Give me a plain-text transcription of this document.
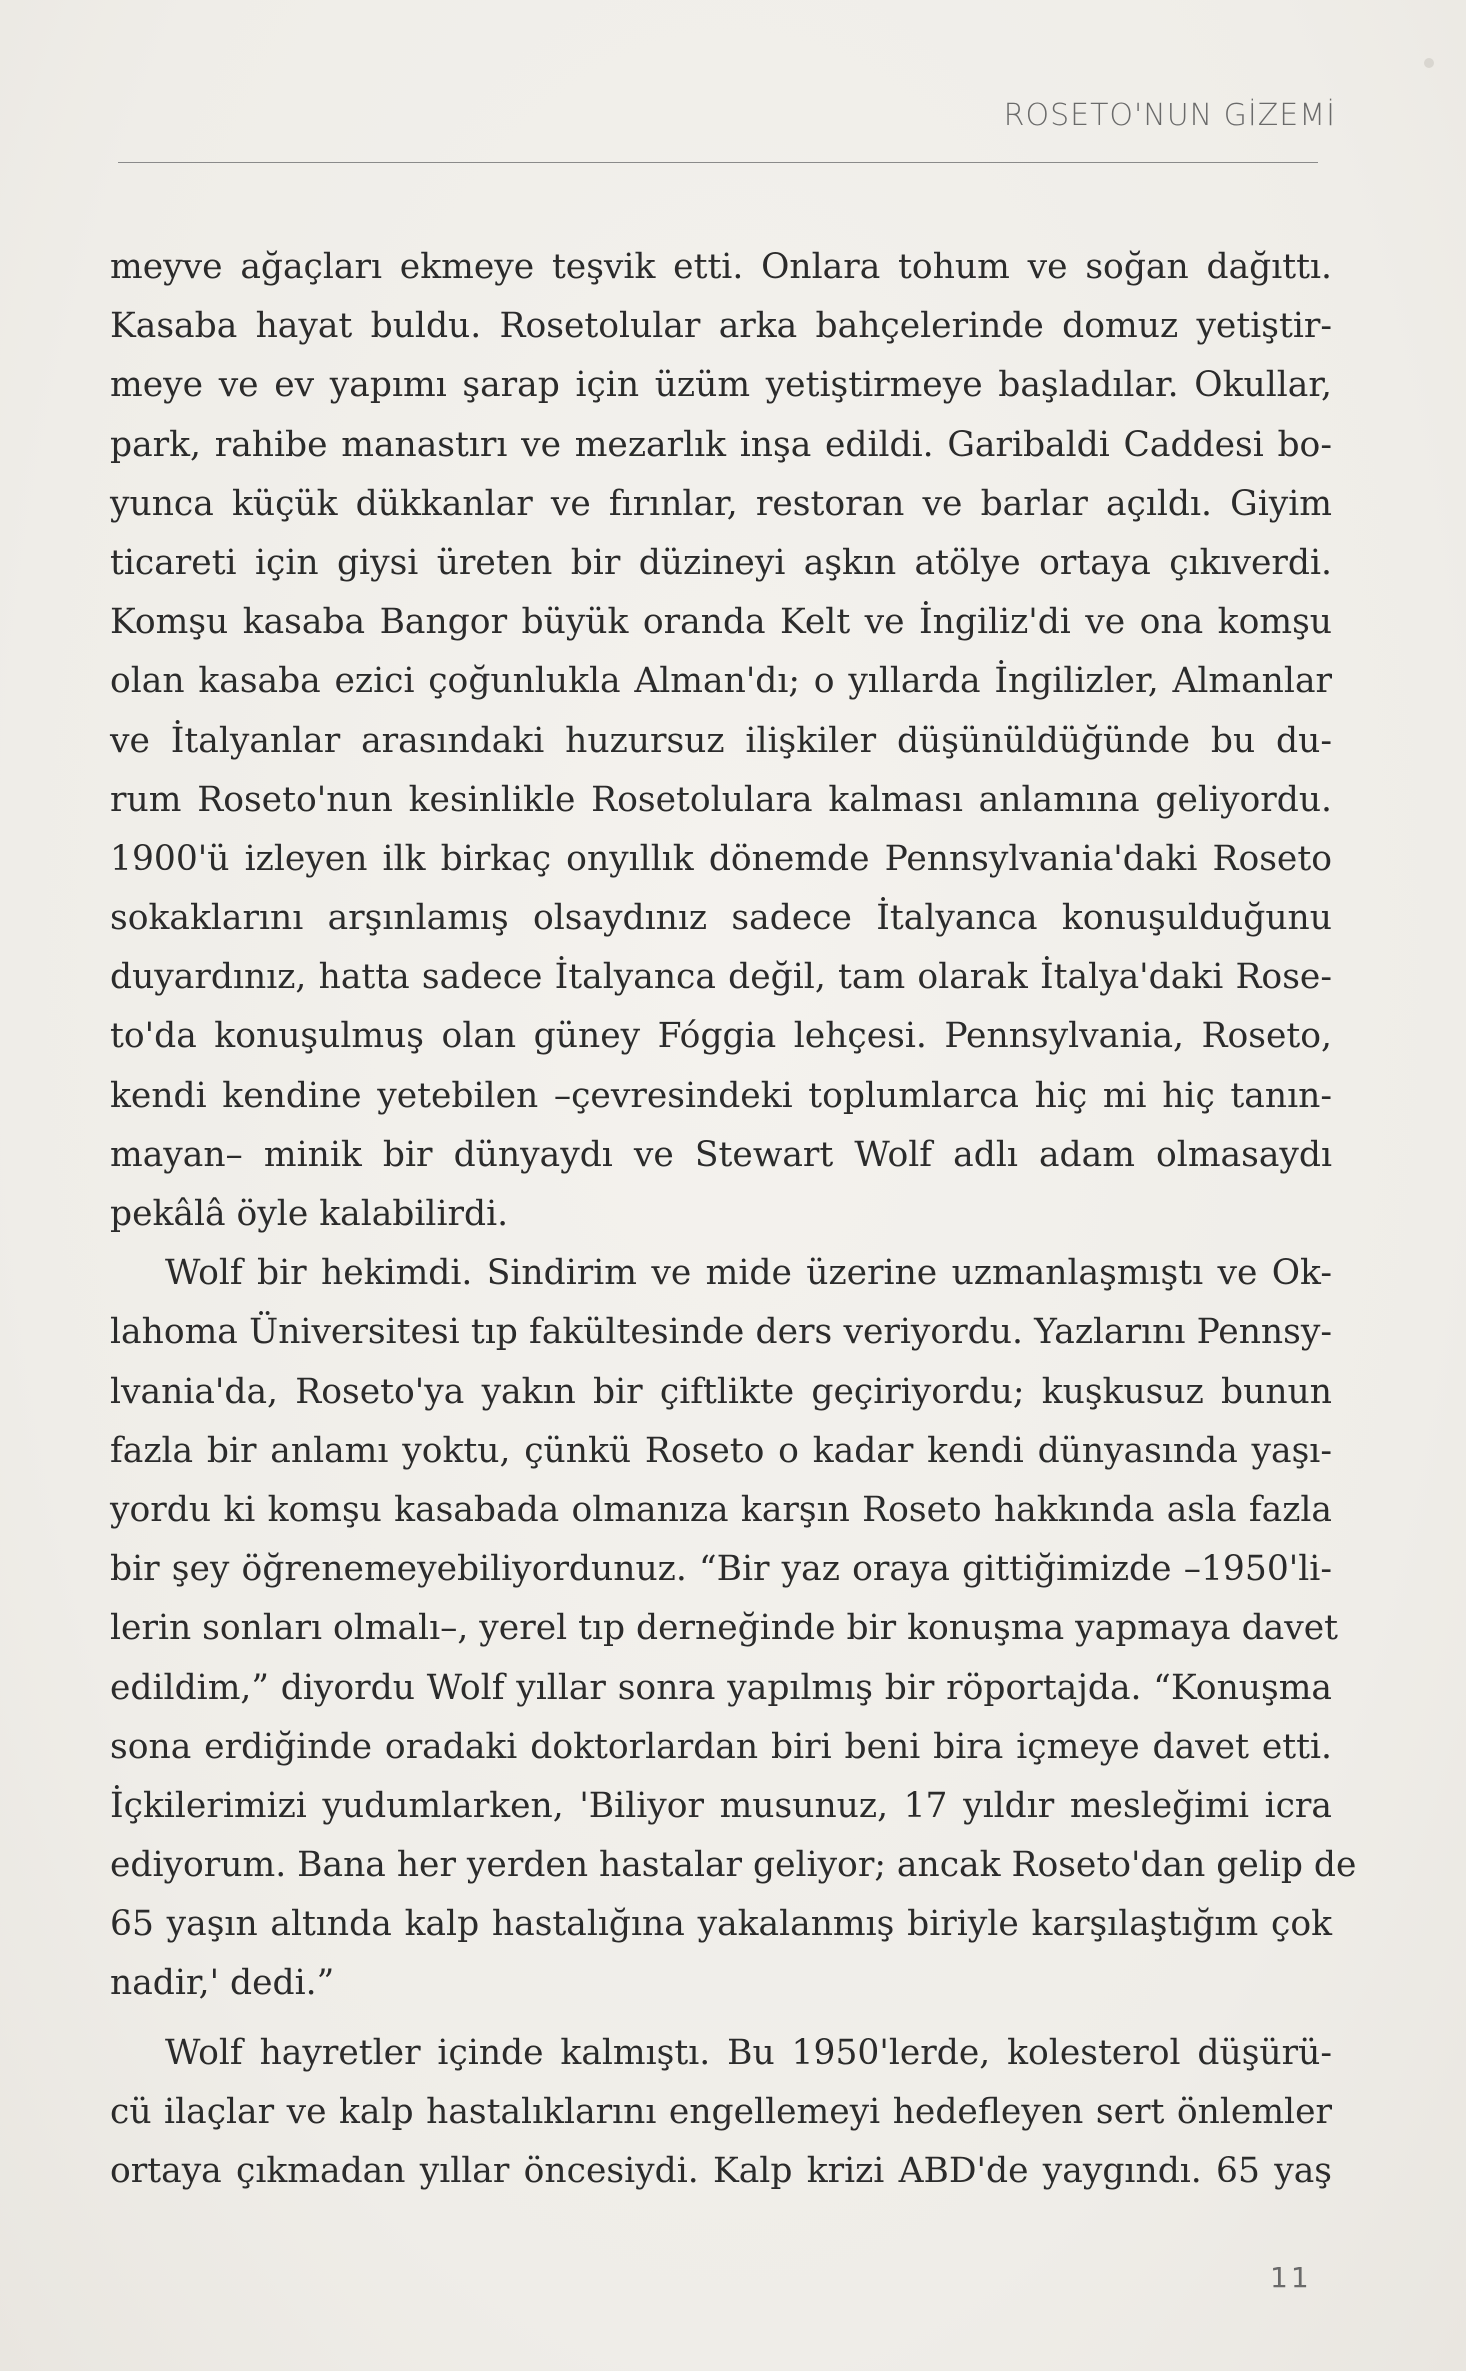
ROSETO'NUN GİZEMİ
meyve ağaçları ekmeye teşvik etti. Onlara tohum ve soğan dağıttı.
Kasaba hayat buldu. Rosetolular arka bahçelerinde domuz yetiştir-
meye ve ev yapımı şarap için üzüm yetiştirmeye başladılar. Okullar,
park, rahibe manastırı ve mezarlık inşa edildi. Garibaldi Caddesi bo-
yunca küçük dükkanlar ve fırınlar, restoran ve barlar açıldı. Giyim
ticareti için giysi üreten bir düzineyi aşkın atölye ortaya çıkıverdi.
Komşu kasaba Bangor büyük oranda Kelt ve İngiliz'di ve ona komşu
olan kasaba ezici çoğunlukla Alman'dı; o yıllarda İngilizler, Almanlar
ve İtalyanlar arasındaki huzursuz ilişkiler düşünüldüğünde bu du-
rum Roseto'nun kesinlikle Rosetolulara kalması anlamına geliyordu.
1900'ü izleyen ilk birkaç onyıllık dönemde Pennsylvania'daki Roseto
sokaklarını arşınlamış olsaydınız sadece İtalyanca konuşulduğunu
duyardınız, hatta sadece İtalyanca değil, tam olarak İtalya'daki Rose-
to'da konuşulmuş olan güney Fóggia lehçesi. Pennsylvania, Roseto,
kendi kendine yetebilen –çevresindeki toplumlarca hiç mi hiç tanın-
mayan– minik bir dünyaydı ve Stewart Wolf adlı adam olmasaydı
pekâlâ öyle kalabilirdi.
Wolf bir hekimdi. Sindirim ve mide üzerine uzmanlaşmıştı ve Ok-
lahoma Üniversitesi tıp fakültesinde ders veriyordu. Yazlarını Pennsy-
lvania'da, Roseto'ya yakın bir çiftlikte geçiriyordu; kuşkusuz bunun
fazla bir anlamı yoktu, çünkü Roseto o kadar kendi dünyasında yaşı-
yordu ki komşu kasabada olmanıza karşın Roseto hakkında asla fazla
bir şey öğrenemeyebiliyordunuz. “Bir yaz oraya gittiğimizde –1950'li-
lerin sonları olmalı–, yerel tıp derneğinde bir konuşma yapmaya davet
edildim,” diyordu Wolf yıllar sonra yapılmış bir röportajda. “Konuşma
sona erdiğinde oradaki doktorlardan biri beni bira içmeye davet etti.
İçkilerimizi yudumlarken, 'Biliyor musunuz, 17 yıldır mesleğimi icra
ediyorum. Bana her yerden hastalar geliyor; ancak Roseto'dan gelip de
65 yaşın altında kalp hastalığına yakalanmış biriyle karşılaştığım çok
nadir,' dedi.”
Wolf hayretler içinde kalmıştı. Bu 1950'lerde, kolesterol düşürü-
cü ilaçlar ve kalp hastalıklarını engellemeyi hedefleyen sert önlemler
ortaya çıkmadan yıllar öncesiydi. Kalp krizi ABD'de yaygındı. 65 yaş
11
